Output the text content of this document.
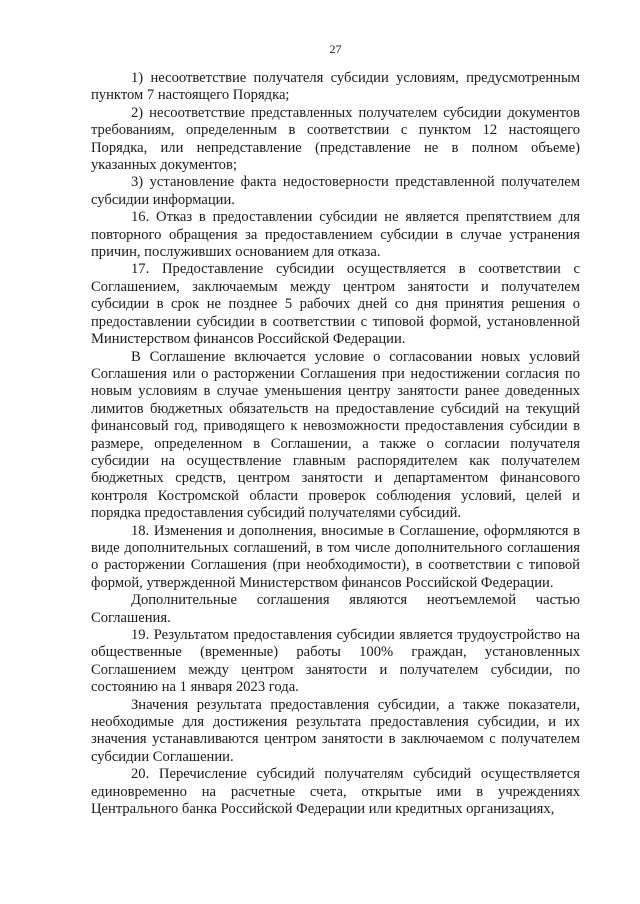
27

1) несоответствие получателя субсидии условиям, предусмотренным пунктом 7 настоящего Порядка;

2) несоответствие представленных получателем субсидии документов требованиям, определенным в соответствии с пунктом 12 настоящего Порядка, или непредставление (представление не в полном объеме) указанных документов;

3) установление факта недостоверности представленной получателем субсидии информации.

16. Отказ в предоставлении субсидии не является препятствием для повторного обращения за предоставлением субсидии в случае устранения причин, послуживших основанием для отказа.

17. Предоставление субсидии осуществляется в соответствии с Соглашением, заключаемым между центром занятости и получателем субсидии в срок не позднее 5 рабочих дней со дня принятия решения о предоставлении субсидии в соответствии с типовой формой, установленной Министерством финансов Российской Федерации.

В Соглашение включается условие о согласовании новых условий Соглашения или о расторжении Соглашения при недостижении согласия по новым условиям в случае уменьшения центру занятости ранее доведенных лимитов бюджетных обязательств на предоставление субсидий на текущий финансовый год, приводящего к невозможности предоставления субсидии в размере, определенном в Соглашении, а также о согласии получателя субсидии на осуществление главным распорядителем как получателем бюджетных средств, центром занятости и департаментом финансового контроля Костромской области проверок соблюдения условий, целей и порядка предоставления субсидий получателями субсидий.

18. Изменения и дополнения, вносимые в Соглашение, оформляются в виде дополнительных соглашений, в том числе дополнительного соглашения о расторжении Соглашения (при необходимости), в соответствии с типовой формой, утвержденной Министерством финансов Российской Федерации.

Дополнительные соглашения являются неотъемлемой частью Соглашения.

19. Результатом предоставления субсидии является трудоустройство на общественные (временные) работы 100% граждан, установленных Соглашением между центром занятости и получателем субсидии, по состоянию на 1 января 2023 года.

Значения результата предоставления субсидии, а также показатели, необходимые для достижения результата предоставления субсидии, и их значения устанавливаются центром занятости в заключаемом с получателем субсидии Соглашении.

20. Перечисление субсидий получателям субсидий осуществляется единовременно на расчетные счета, открытые ими в учреждениях Центрального банка Российской Федерации или кредитных организациях,
